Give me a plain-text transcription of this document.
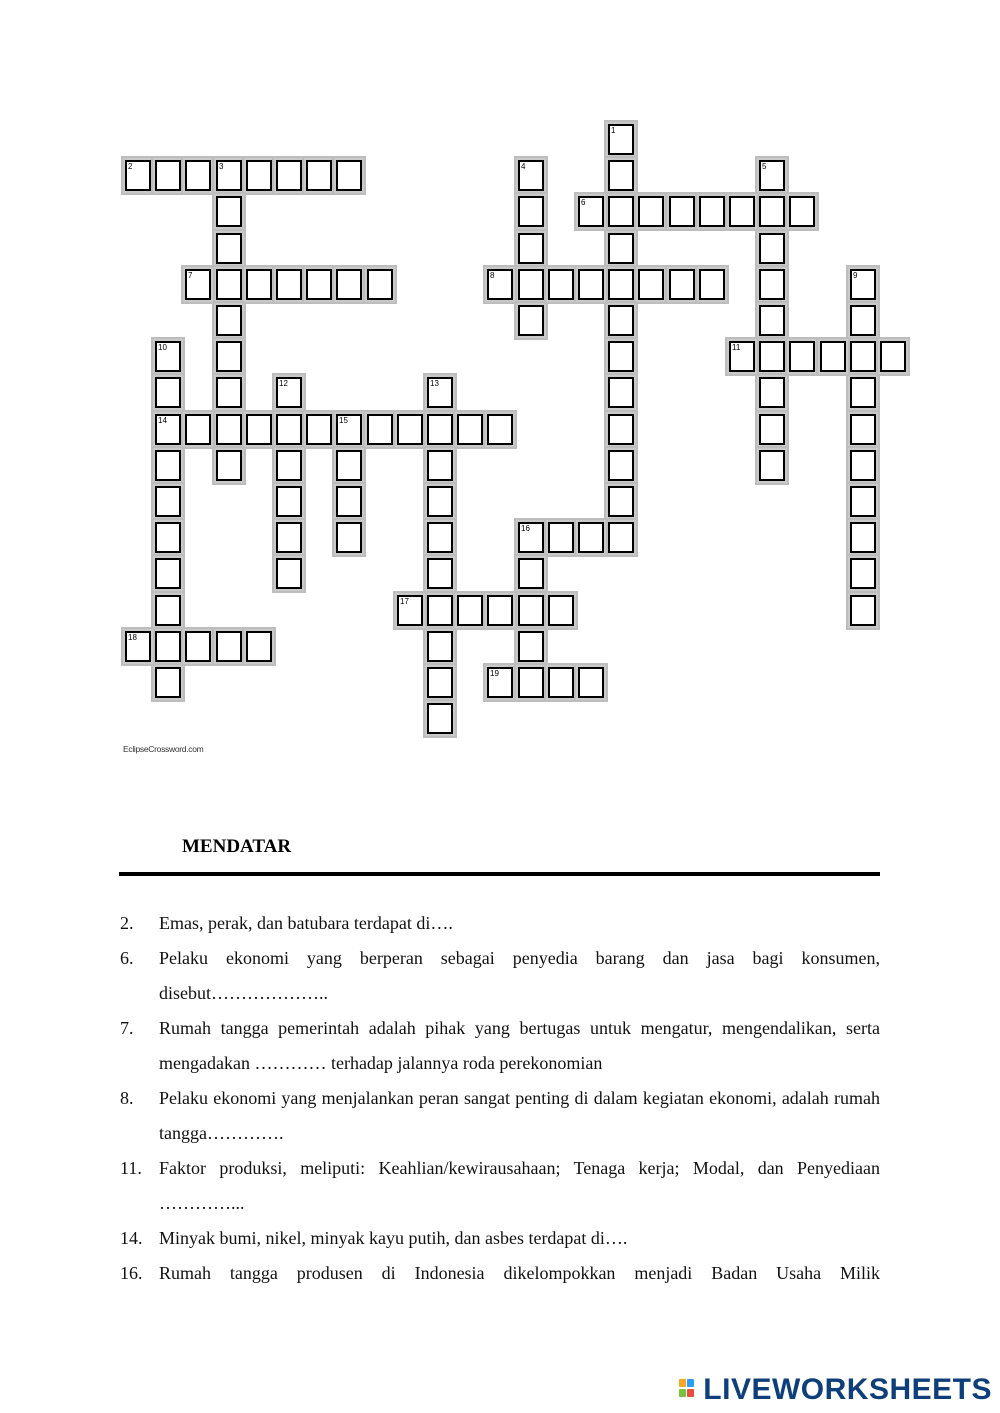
2	3	4
1
5
6
7	8	9
11
10
14	15
12	13
16
17
18
19
EclipseCrossword.com
MENDATAR
2.	Emas, perak, dan batubara terdapat di….
6.	Pelaku ekonomi yang berperan sebagai penyedia barang dan jasa bagi konsumen, disebut………………..
7.	Rumah tangga pemerintah adalah pihak yang bertugas untuk mengatur, mengendalikan, serta mengadakan ………… terhadap jalannya roda perekonomian
8.	Pelaku ekonomi yang menjalankan peran sangat penting di dalam kegiatan ekonomi, adalah rumah tangga………….
11. Faktor produksi, meliputi: Keahlian/kewirausahaan; Tenaga kerja; Modal, dan Penyediaan …………...
14. Minyak bumi, nikel, minyak kayu putih, dan asbes terdapat di….
16. Rumah tangga produsen di Indonesia dikelompokkan menjadi Badan Usaha Milik
LIVEWORKSHEETS
